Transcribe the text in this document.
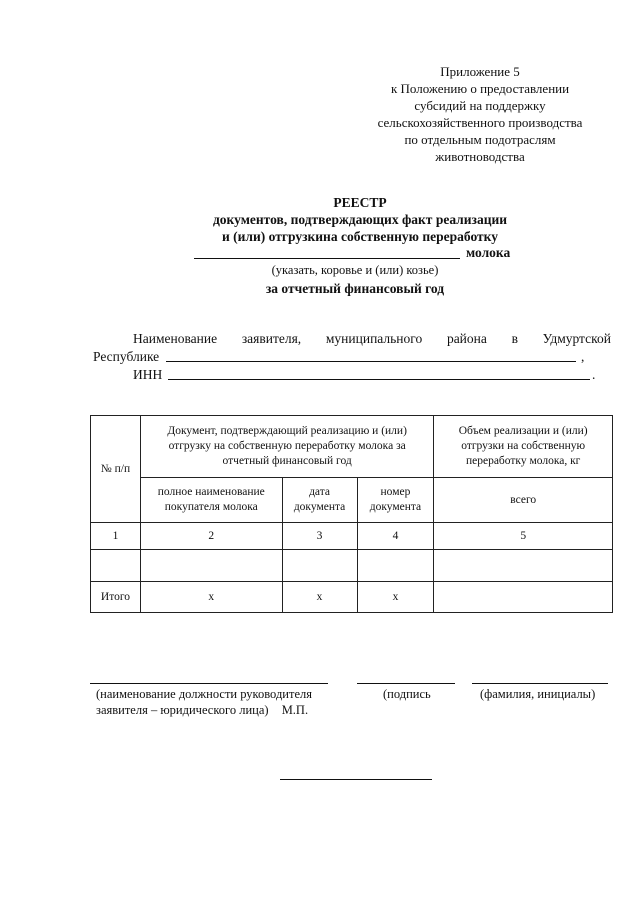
Приложение 5
к Положению о предоставлении
субсидий на поддержку
сельскохозяйственного производства
по отдельным подотраслям
животноводства
РЕЕСТР
документов, подтверждающих факт реализации
и (или) отгрузкина собственную переработку
молока
(указать, коровье и (или) козье)
за отчетный финансовый год
Наименование заявителя, муниципального района в Удмуртской
Республике	,
ИНН	.
№ п/п	Документ, подтверждающий реализацию и (или) отгрузку на собственную переработку молока за отчетный финансовый год			Объем реализации и (или) отгрузки на собственную переработку молока, кг
	полное наименование покупателя молока	дата документа	номер документа	всего
1	2	3	4	5

Итого	х	х	х	
(наименование должности руководителя
заявителя – юридического лица) М.П.
(подпись	(фамилия, инициалы)
